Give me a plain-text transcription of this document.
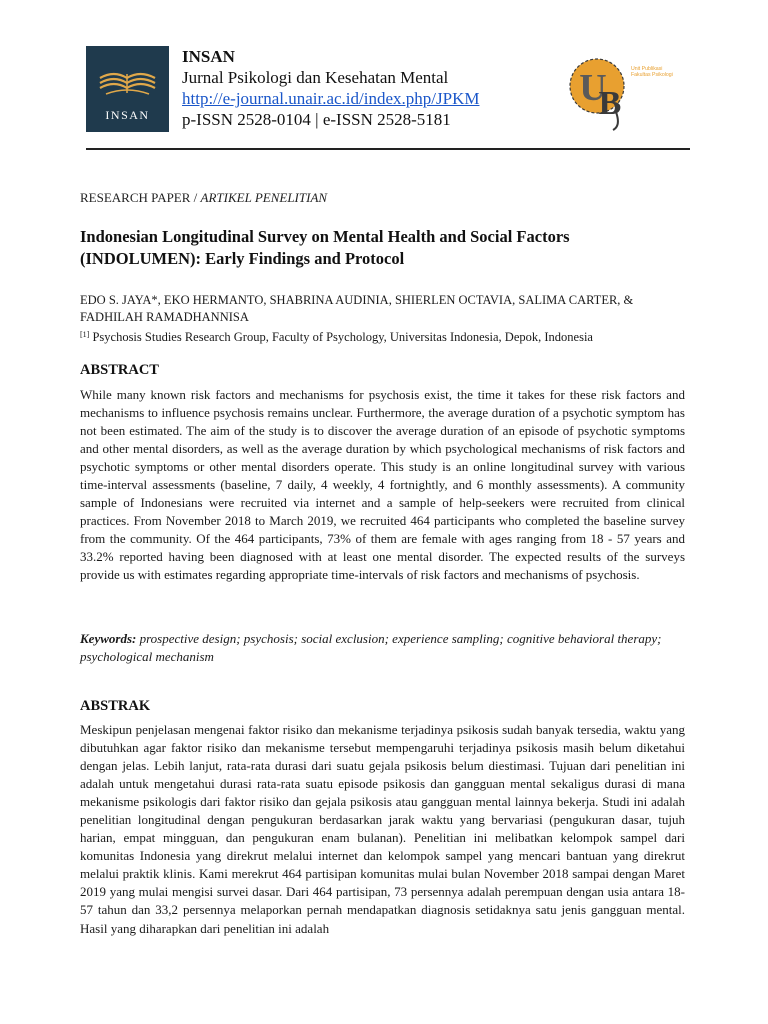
INSAN
INSAN
Jurnal Psikologi dan Kesehatan Mental
http://e-journal.unair.ac.id/index.php/JPKM
p-ISSN 2528-0104 | e-ISSN 2528-5181
U
B
Unit Publikasi Fakultas Psikologi
RESEARCH PAPER / ARTIKEL PENELITIAN
Indonesian Longitudinal Survey on Mental Health and Social Factors (INDOLUMEN): Early Findings and Protocol
EDO S. JAYA*, EKO HERMANTO, SHABRINA AUDINIA, SHIERLEN OCTAVIA, SALIMA CARTER, & FADHILAH RAMADHANNISA
[1] Psychosis Studies Research Group, Faculty of Psychology, Universitas Indonesia, Depok, Indonesia
ABSTRACT
While many known risk factors and mechanisms for psychosis exist, the time it takes for these risk factors and mechanisms to influence psychosis remains unclear. Furthermore, the average duration of a psychotic symptom has not been estimated. The aim of the study is to discover the average duration of an episode of psychotic symptoms and other mental disorders, as well as the average duration by which psychological mechanisms of risk factors and psychotic symptoms or other mental disorders operate. This study is an online longitudinal survey with various time-interval assessments (baseline, 7 daily, 4 weekly, 4 fortnightly, and 6 monthly assessments). A community sample of Indonesians were recruited via internet and a sample of help-seekers were recruited from clinical practices. From November 2018 to March 2019, we recruited 464 participants who completed the baseline survey from the community. Of the 464 participants, 73% of them are female with ages ranging from 18 - 57 years and 33.2% reported having been diagnosed with at least one mental disorder. The expected results of the surveys provide us with estimates regarding appropriate time-intervals of risk factors and mechanisms of psychosis.
Keywords: prospective design; psychosis; social exclusion; experience sampling; cognitive behavioral therapy; psychological mechanism
ABSTRAK
Meskipun penjelasan mengenai faktor risiko dan mekanisme terjadinya psikosis sudah banyak tersedia, waktu yang dibutuhkan agar faktor risiko dan mekanisme tersebut mempengaruhi terjadinya psikosis masih belum diketahui dengan jelas. Lebih lanjut, rata-rata durasi dari suatu gejala psikosis belum diestimasi. Tujuan dari penelitian ini adalah untuk mengetahui durasi rata-rata suatu episode psikosis dan gangguan mental sekaligus durasi di mana mekanisme psikologis dari faktor risiko dan gejala psikosis atau gangguan mental lainnya bekerja. Studi ini adalah penelitian longitudinal dengan pengukuran berdasarkan jarak waktu yang bervariasi (pengukuran dasar, tujuh harian, empat mingguan, dan pengukuran enam bulanan). Penelitian ini melibatkan kelompok sampel dari komunitas Indonesia yang direkrut melalui internet dan kelompok sampel yang mencari bantuan yang direkrut melalui praktik klinis. Kami merekrut 464 partisipan komunitas mulai bulan November 2018 sampai dengan Maret 2019 yang mulai mengisi survei dasar. Dari 464 partisipan, 73 persennya adalah perempuan dengan usia antara 18-57 tahun dan 33,2 persennya melaporkan pernah mendapatkan diagnosis setidaknya satu jenis gangguan mental. Hasil yang diharapkan dari penelitian ini adalah
